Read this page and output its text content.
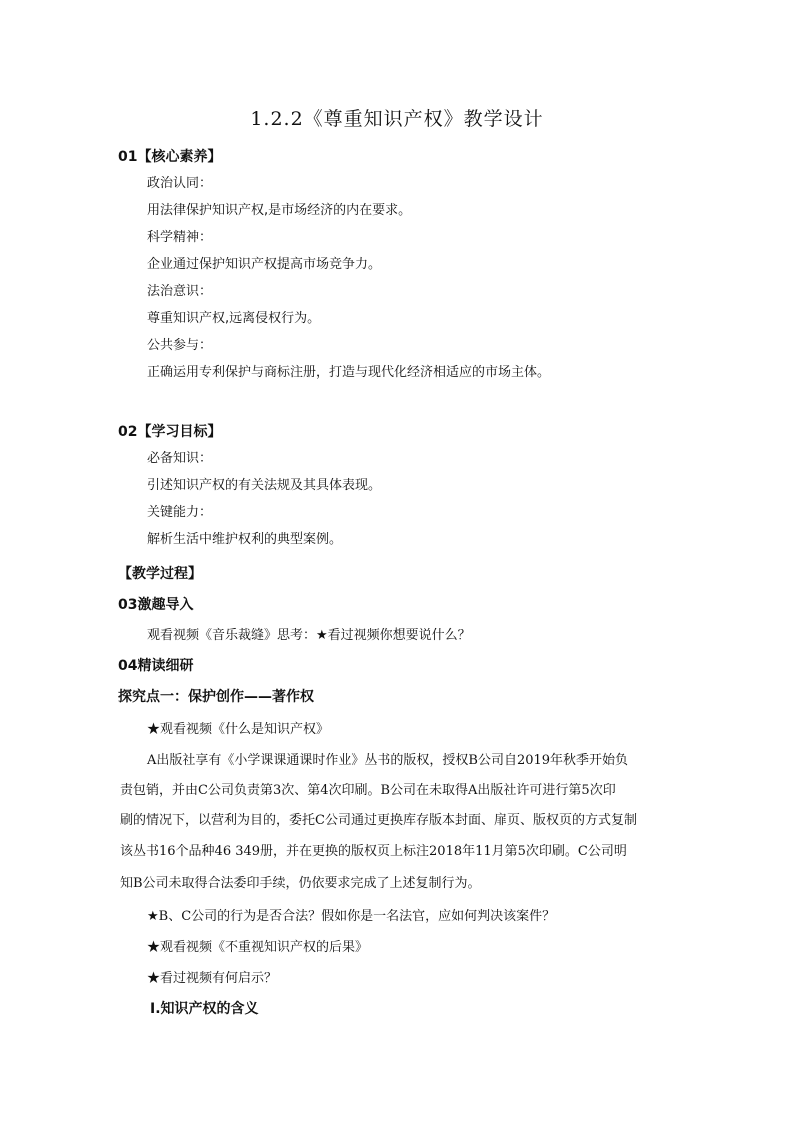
1.2.2《尊重知识产权》教学设计
01【核心素养】
政治认同：
用法律保护知识产权,是市场经济的内在要求。
科学精神：
企业通过保护知识产权提高市场竞争力。
法治意识：
尊重知识产权,远离侵权行为。
公共参与：
正确运用专利保护与商标注册，打造与现代化经济相适应的市场主体。
02【学习目标】
必备知识：
引述知识产权的有关法规及其具体表现。
关键能力：
解析生活中维护权利的典型案例。
【教学过程】
03激趣导入
观看视频《音乐裁缝》思考：★看过视频你想要说什么？
04精读细研
探究点一：保护创作——著作权
★观看视频《什么是知识产权》
A出版社享有《小学课课通课时作业》丛书的版权，授权B公司自2019年秋季开始负
责包销，并由C公司负责第3次、第4次印刷。B公司在未取得A出版社许可进行第5次印
刷的情况下，以营利为目的，委托C公司通过更换库存版本封面、扉页、版权页的方式复制
该丛书16个品种46 349册，并在更换的版权页上标注2018年11月第5次印刷。C公司明
知B公司未取得合法委印手续，仍依要求完成了上述复制行为。
★B、C公司的行为是否合法？假如你是一名法官，应如何判决该案件？
★观看视频《不重视知识产权的后果》
★看过视频有何启示？
Ⅰ.知识产权的含义
